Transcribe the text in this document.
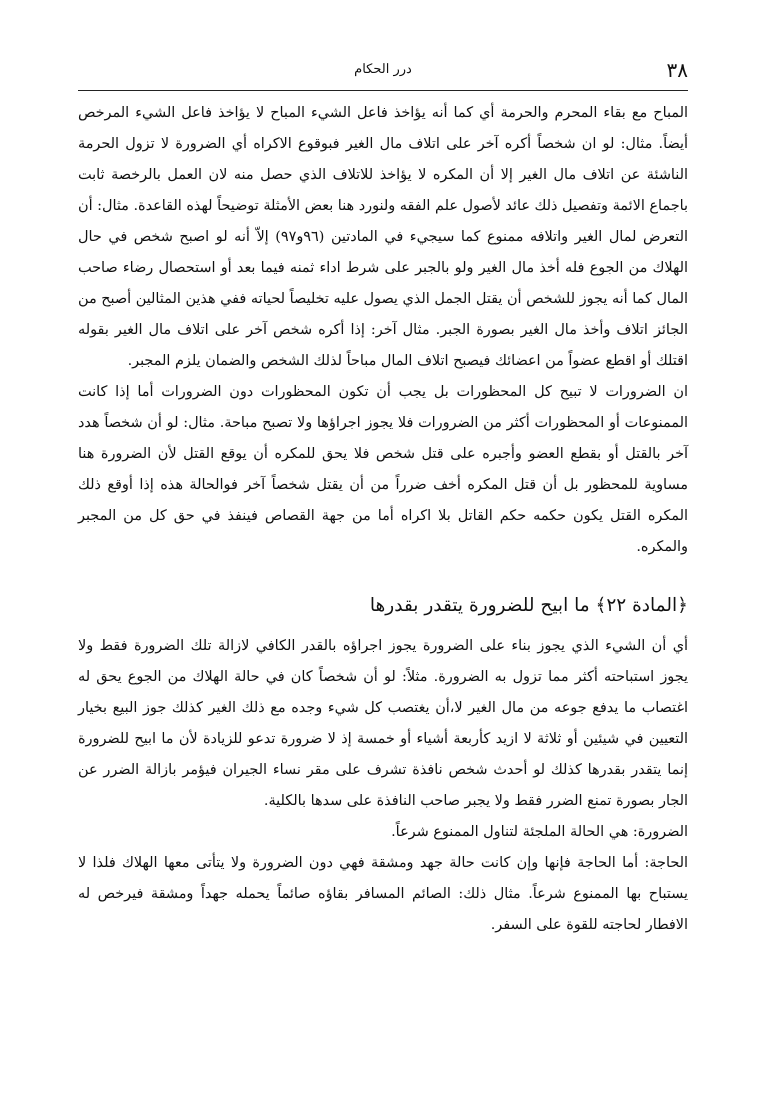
٣٨
درر الحكام

المباح مع بقاء المحرم والحرمة أي كما أنه يؤاخذ فاعل الشيء المباح لا يؤاخذ فاعل الشيء المرخص أيضاً. مثال: لو ان شخصاً أكره آخر على اتلاف مال الغير فبوقوع الاكراه أي الضرورة لا تزول الحرمة الناشئة عن اتلاف مال الغير إلا أن المكره لا يؤاخذ للاتلاف الذي حصل منه لان العمل بالرخصة ثابت باجماع الائمة وتفصيل ذلك عائد لأصول علم الفقه ولنورد هنا بعض الأمثلة توضيحاً لهذه القاعدة. مثال: أن التعرض لمال الغير واتلافه ممنوع كما سيجيء في المادتين (٩٦و٩٧) إلاّ أنه لو اصبح شخص في حال الهلاك من الجوع فله أخذ مال الغير ولو بالجبر على شرط اداء ثمنه فيما بعد أو استحصال رضاء صاحب المال كما أنه يجوز للشخص أن يقتل الجمل الذي يصول عليه تخليصاً لحياته ففي هذين المثالين أصبح من الجائز اتلاف وأخذ مال الغير بصورة الجبر. مثال آخر: إذا أكره شخص آخر على اتلاف مال الغير بقوله اقتلك أو اقطع عضواً من اعضائك فيصبح اتلاف المال مباحاً لذلك الشخص والضمان يلزم المجبر.

ان الضرورات لا تبيح كل المحظورات بل يجب أن تكون المحظورات دون الضرورات أما إذا كانت الممنوعات أو المحظورات أكثر من الضرورات فلا يجوز اجراؤها ولا تصبح مباحة. مثال: لو أن شخصاً هدد آخر بالقتل أو بقطع العضو وأجبره على قتل شخص فلا يحق للمكره أن يوقع القتل لأن الضرورة هنا مساوية للمحظور بل أن قتل المكره أخف ضرراً من أن يقتل شخصاً آخر فوالحالة هذه إذا أوقع ذلك المكره القتل يكون حكمه حكم القاتل بلا اكراه أما من جهة القصاص فينفذ في حق كل من المجبر والمكره.

﴿المادة ٢٢﴾ ما ابيح للضرورة يتقدر بقدرها

أي أن الشيء الذي يجوز بناء على الضرورة يجوز اجراؤه بالقدر الكافي لازالة تلك الضرورة فقط ولا يجوز استباحته أكثر مما تزول به الضرورة. مثلاً: لو أن شخصاً كان في حالة الهلاك من الجوع يحق له اغتصاب ما يدفع جوعه من مال الغير لا،أن يغتصب كل شيء وجده مع ذلك الغير كذلك جوز البيع بخيار التعيين في شيئين أو ثلاثة لا ازيد كأربعة أشياء أو خمسة إذ لا ضرورة تدعو للزيادة لأن ما ابيح للضرورة إنما يتقدر بقدرها كذلك لو أحدث شخص نافذة تشرف على مقر نساء الجيران فيؤمر بازالة الضرر عن الجار بصورة تمنع الضرر فقط ولا يجبر صاحب النافذة على سدها بالكلية.

الضرورة: هي الحالة الملجئة لتناول الممنوع شرعاً.

الحاجة: أما الحاجة فإنها وإن كانت حالة جهد ومشقة فهي دون الضرورة ولا يتأتى معها الهلاك فلذا لا يستباح بها الممنوع شرعاً. مثال ذلك: الصائم المسافر بقاؤه صائماً يحمله جهداً ومشقة فيرخص له الافطار لحاجته للقوة على السفر.
